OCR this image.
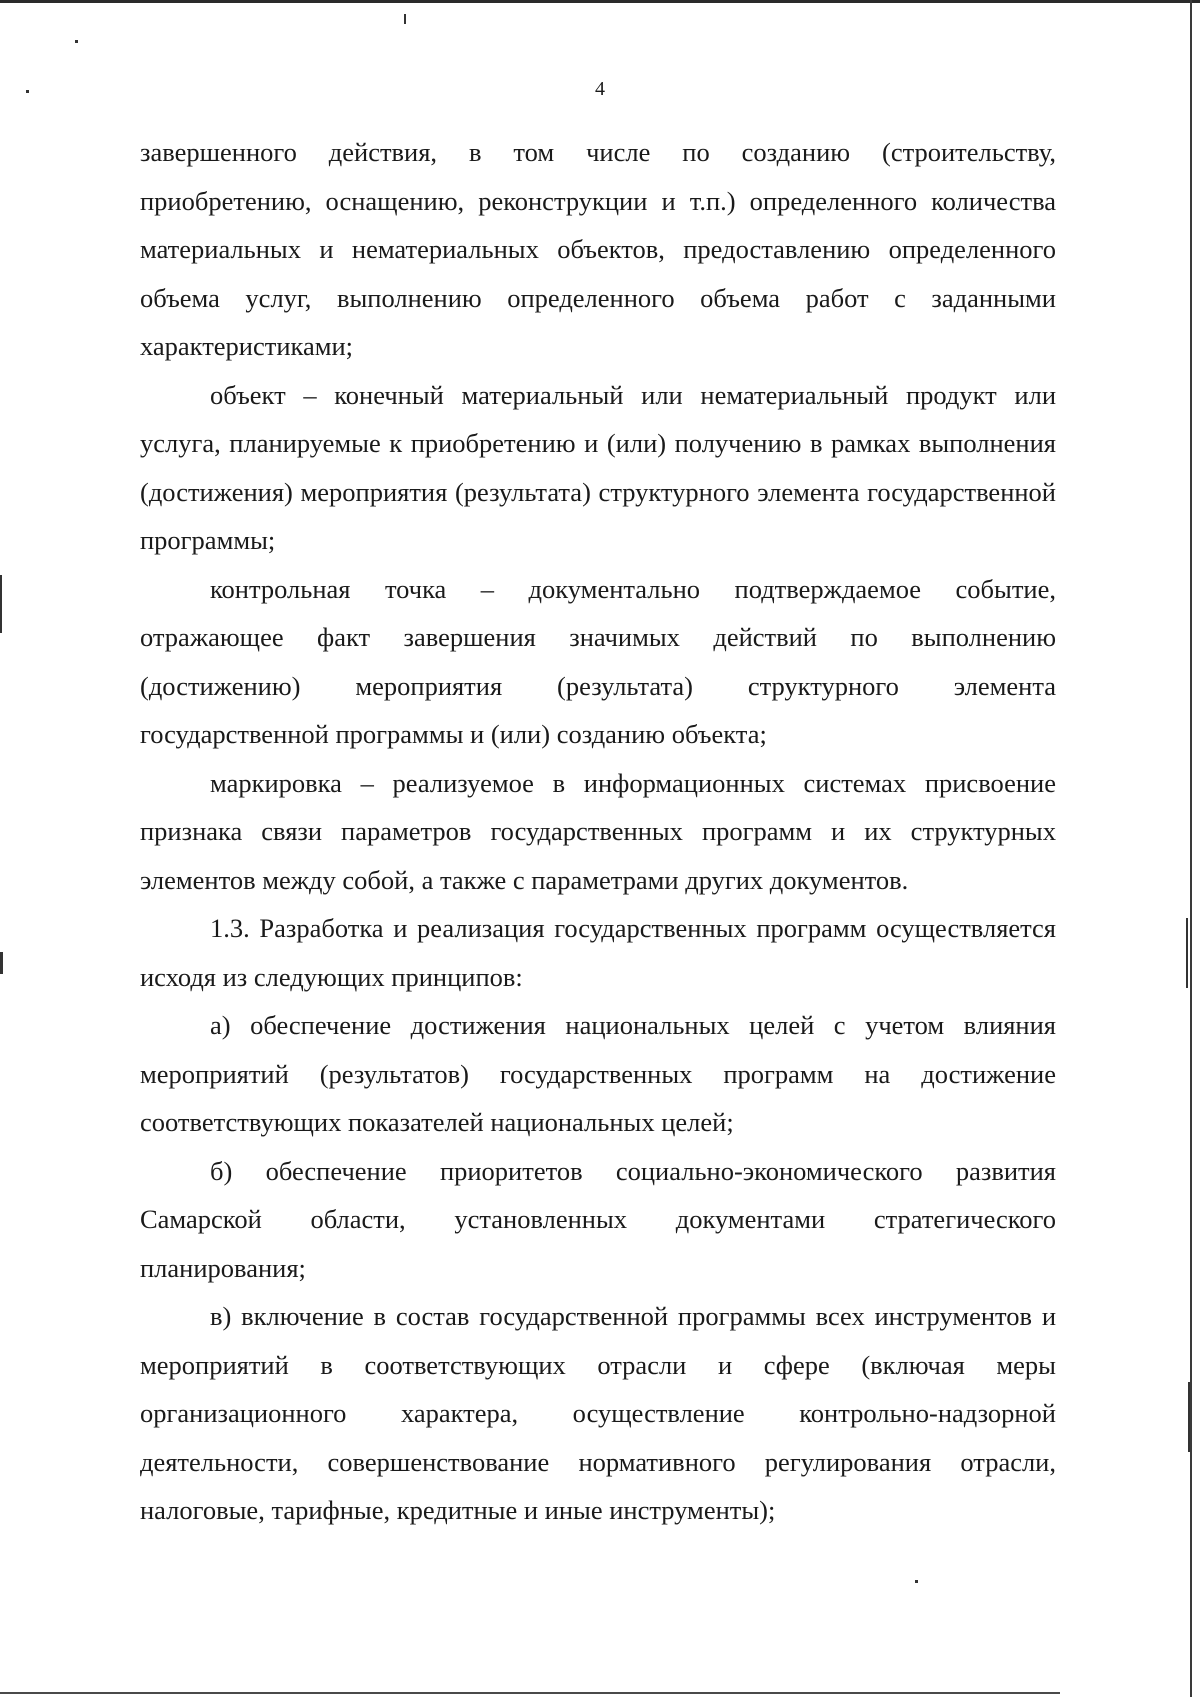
4

завершенного действия, в том числе по созданию (строительству, приобретению, оснащению, реконструкции и т.п.) определенного количества материальных и нематериальных объектов, предоставлению определенного объема услуг, выполнению определенного объема работ с заданными характеристиками;

объект – конечный материальный или нематериальный продукт или услуга, планируемые к приобретению и (или) получению в рамках выполнения (достижения) мероприятия (результата) структурного элемента государственной программы;

контрольная точка – документально подтверждаемое событие, отражающее факт завершения значимых действий по выполнению (достижению) мероприятия (результата) структурного элемента государственной программы и (или) созданию объекта;

маркировка – реализуемое в информационных системах присвоение признака связи параметров государственных программ и их структурных элементов между собой, а также с параметрами других документов.

1.3. Разработка и реализация государственных программ осуществляется исходя из следующих принципов:

а) обеспечение достижения национальных целей с учетом влияния мероприятий (результатов) государственных программ на достижение соответствующих показателей национальных целей;

б) обеспечение приоритетов социально-экономического развития Самарской области, установленных документами стратегического планирования;

в) включение в состав государственной программы всех инструментов и мероприятий в соответствующих отрасли и сфере (включая меры организационного характера, осуществление контрольно-надзорной деятельности, совершенствование нормативного регулирования отрасли, налоговые, тарифные, кредитные и иные инструменты);
